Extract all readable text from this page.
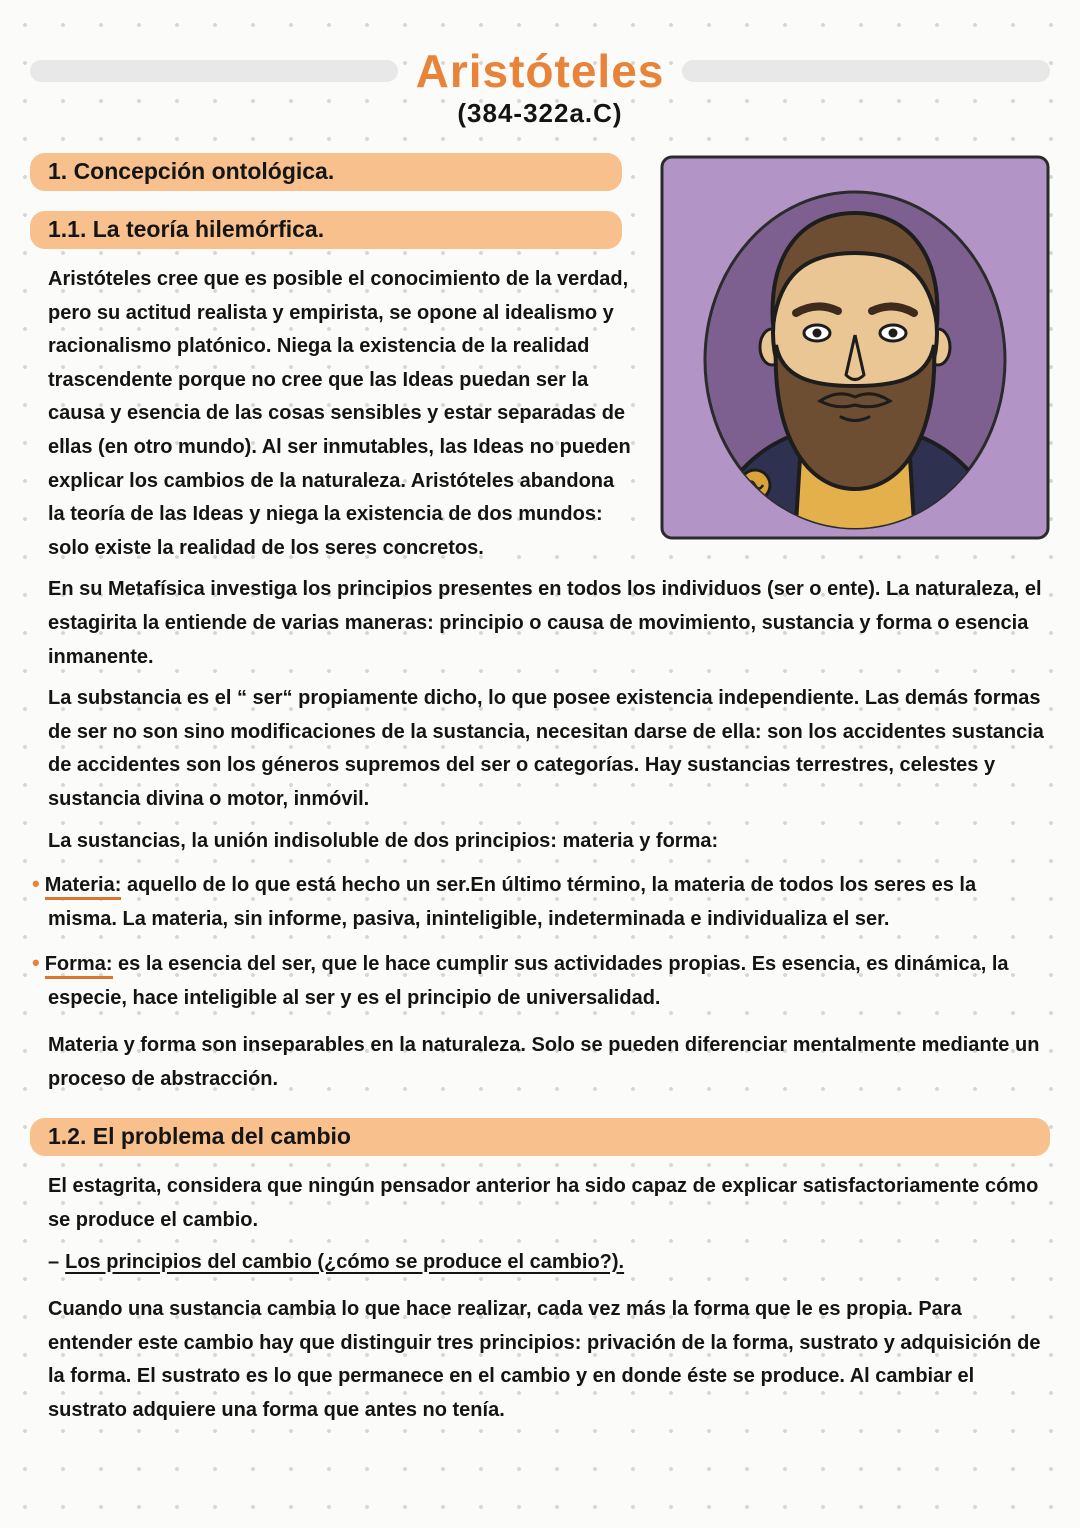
Aristóteles
(384-322a.C)
1. Concepción ontológica.
1.1. La teoría hilemórfica.

Aristóteles cree que es posible el conocimiento de la verdad, pero su actitud realista y empirista, se opone al idealismo y racionalismo platónico. Niega la existencia de la realidad trascendente porque no cree que las Ideas puedan ser la causa y esencia de las cosas sensibles y estar separadas de ellas (en otro mundo). Al ser inmutables, las Ideas no pueden explicar los cambios de la naturaleza. Aristóteles abandona la teoría de las Ideas y niega la existencia de dos mundos: solo existe la realidad de los seres concretos.

En su Metafísica investiga los principios presentes en todos los individuos (ser o ente). La naturaleza, el estagirita la entiende de varias maneras: principio o causa de movimiento, sustancia y forma o esencia inmanente.

La substancia es el “ ser“ propiamente dicho, lo que posee existencia independiente. Las demás formas de ser no son sino modificaciones de la sustancia, necesitan darse de ella: son los accidentes sustancia de accidentes son los géneros supremos del ser o categorías. Hay sustancias terrestres, celestes y sustancia divina o motor, inmóvil.

La sustancias, la unión indisoluble de dos principios: materia y forma:

• Materia: aquello de lo que está hecho un ser.En último término, la materia de todos los seres es la misma. La materia, sin informe, pasiva, ininteligible, indeterminada e individualiza el ser.
• Forma: es la esencia del ser, que le hace cumplir sus actividades propias. Es esencia, es dinámica, la especie, hace inteligible al ser y es el principio de universalidad.

Materia y forma son inseparables en la naturaleza. Solo se pueden diferenciar mentalmente mediante un proceso de abstracción.

1.2. El problema del cambio

El estagrita, considera que ningún pensador anterior ha sido capaz de explicar satisfactoriamente cómo se produce el cambio.

– Los principios del cambio (¿cómo se produce el cambio?).

Cuando una sustancia cambia lo que hace realizar, cada vez más la forma que le es propia. Para entender este cambio hay que distinguir tres principios: privación de la forma, sustrato y adquisición de la forma. El sustrato es lo que permanece en el cambio y en donde éste se produce. Al cambiar el sustrato adquiere una forma que antes no tenía.
